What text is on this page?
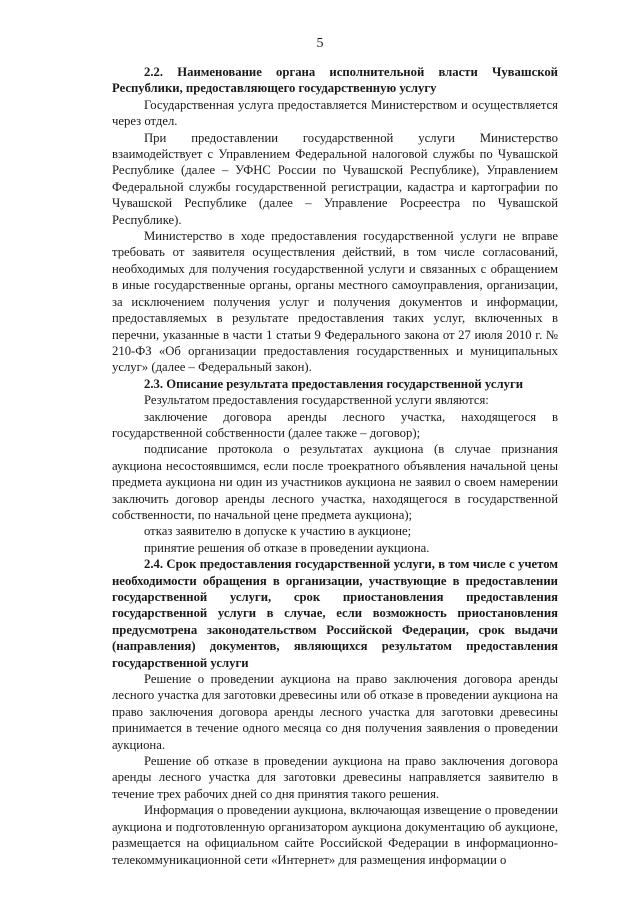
5

2.2. Наименование органа исполнительной власти Чувашской Республики, предоставляющего государственную услугу

Государственная услуга предоставляется Министерством и осуществляется через отдел.

При предоставлении государственной услуги Министерство взаимодействует с Управлением Федеральной налоговой службы по Чувашской Республике (далее – УФНС России по Чувашской Республике), Управлением Федеральной службы государственной регистрации, кадастра и картографии по Чувашской Республике (далее – Управление Росреестра по Чувашской Республике).

Министерство в ходе предоставления государственной услуги не вправе требовать от заявителя осуществления действий, в том числе согласований, необходимых для получения государственной услуги и связанных с обращением в иные государственные органы, органы местного самоуправления, организации, за исключением получения услуг и получения документов и информации, предоставляемых в результате предоставления таких услуг, включенных в перечни, указанные в части 1 статьи 9 Федерального закона от 27 июля 2010 г. № 210-ФЗ «Об организации предоставления государственных и муниципальных услуг» (далее – Федеральный закон).

2.3. Описание результата предоставления государственной услуги

Результатом предоставления государственной услуги являются:

заключение договора аренды лесного участка, находящегося в государственной собственности (далее также – договор);

подписание протокола о результатах аукциона (в случае признания аукциона несостоявшимся, если после троекратного объявления начальной цены предмета аукциона ни один из участников аукциона не заявил о своем намерении заключить договор аренды лесного участка, находящегося в государственной собственности, по начальной цене предмета аукциона);

отказ заявителю в допуске к участию в аукционе;

принятие решения об отказе в проведении аукциона.

2.4. Срок предоставления государственной услуги, в том числе с учетом необходимости обращения в организации, участвующие в предоставлении государственной услуги, срок приостановления предоставления государственной услуги в случае, если возможность приостановления предусмотрена законодательством Российской Федерации, срок выдачи (направления) документов, являющихся результатом предоставления государственной услуги

Решение о проведении аукциона на право заключения договора аренды лесного участка для заготовки древесины или об отказе в проведении аукциона на право заключения договора аренды лесного участка для заготовки древесины принимается в течение одного месяца со дня получения заявления о проведении аукциона.

Решение об отказе в проведении аукциона на право заключения договора аренды лесного участка для заготовки древесины направляется заявителю в течение трех рабочих дней со дня принятия такого решения.

Информация о проведении аукциона, включающая извещение о проведении аукциона и подготовленную организатором аукциона документацию об аукционе, размещается на официальном сайте Российской Федерации в информационно-телекоммуникационной сети «Интернет» для размещения информации о
